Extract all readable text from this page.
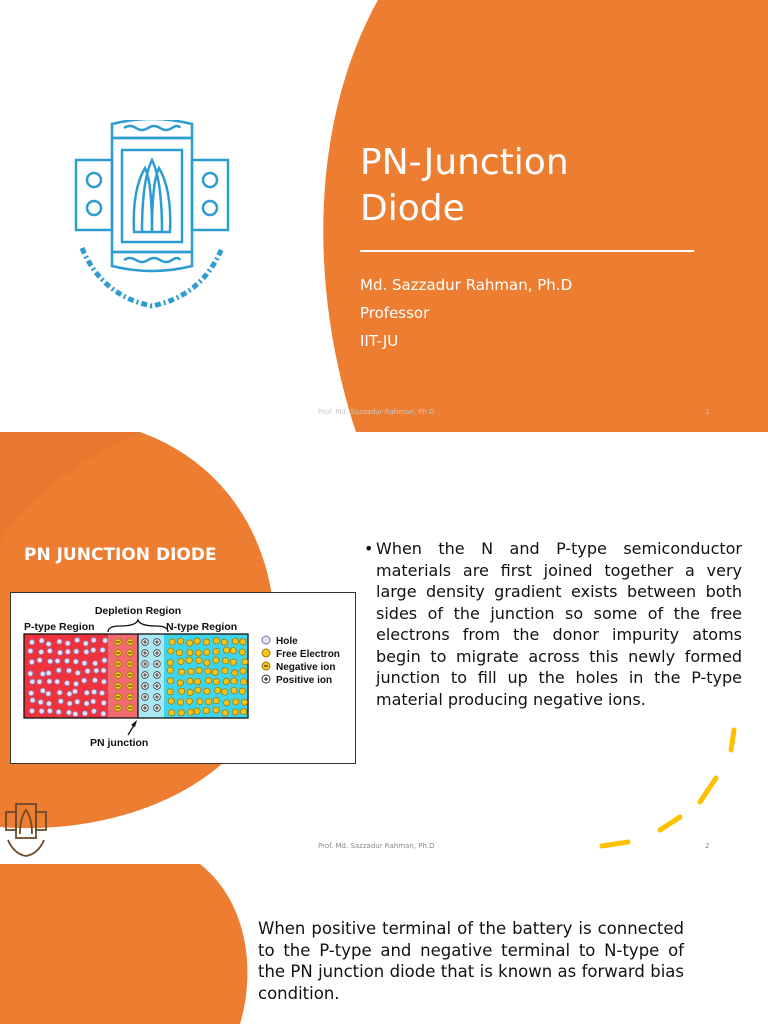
PN-Junction
Diode
Md. Sazzadur Rahman, Ph.D
Professor
IIT-JU
Prof. Md. Sazzadur Rahman, Ph.D	1
PN JUNCTION DIODE
Depletion Region
P-type Region	N-type Region
PN junction
Hole
Free Electron
Negative ion
Positive ion
• When the N and P-type semiconductor materials are first joined together a very large density gradient exists between both sides of the junction so some of the free electrons from the donor impurity atoms begin to migrate across this newly formed junction to fill up the holes in the P-type material producing negative ions.
Prof. Md. Sazzadur Rahman, Ph.D	2
When positive terminal of the battery is connected to the P-type and negative terminal to N-type of the PN junction diode that is known as forward bias condition.
